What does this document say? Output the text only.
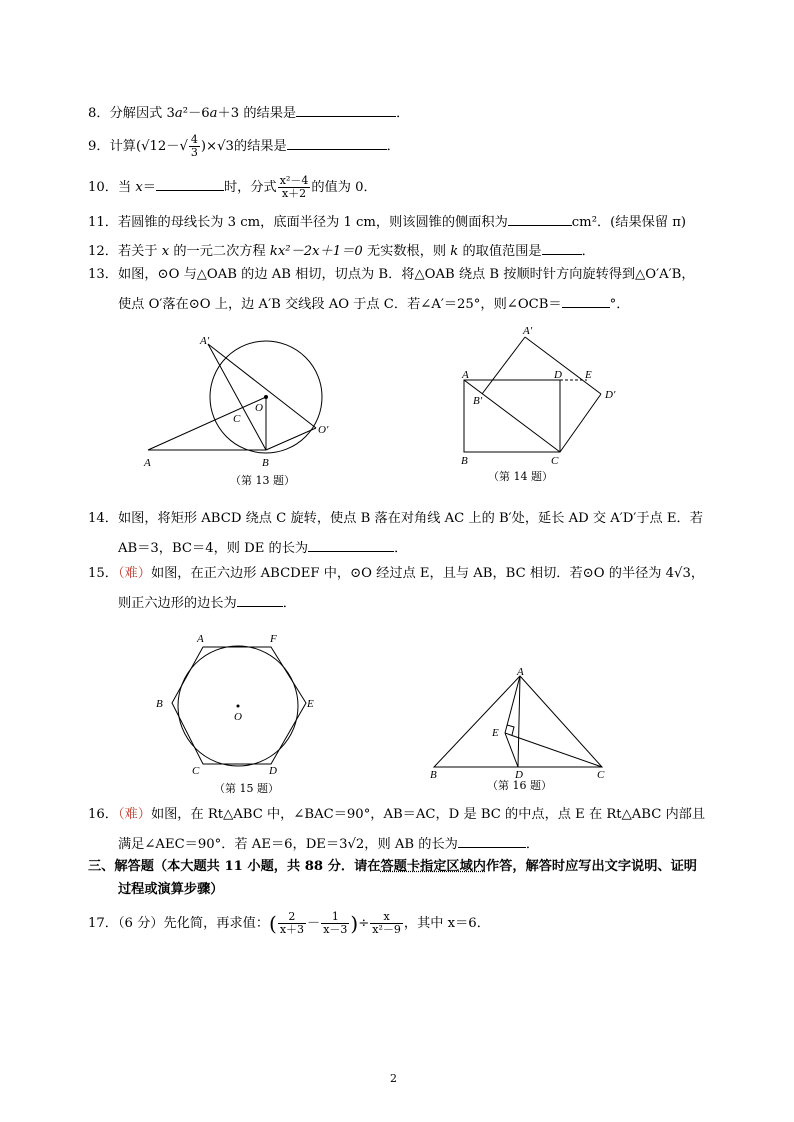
8．分解因式 3a²－6a＋3 的结果是	．
9．计算$(√12-√ \frac{4}{3} )\times√3$的结果是	．
10．当 x＝	时，分式 $\frac{\text{x²－4}}{x+2}$ 的值为 0．
11．若圆锥的母线长为 3 cm，底面半径为 1 cm，则该圆锥的侧面积为	cm²．(结果保留 π)
12．若关于 x 的一元二次方程 kx²－2x＋1＝0 无实数根，则 k 的取值范围是	．
13．如图，⊙O 与△OAB 的边 AB 相切，切点为 B．将△OAB 绕点 B 按顺时针方向旋转得到△O′A′B，
使点 O′落在⊙O 上，边 A′B 交线段 AO 于点 C．若∠A′＝25°，则∠OCB＝	°．
A	B
C
O
A′
O′
（第 13 题）
A
B	C
D E
A′
B′	D′
（第 14 题）
14．如图，将矩形 ABCD 绕点 C 旋转，使点 B 落在对角线 AC 上的 B′处，延长 AD 交 A′D′于点 E．若
AB＝3，BC＝4，则 DE 的长为	．
15．（难）如图，在正六边形 ABCDEF 中，⊙O 经过点 E，且与 AB，BC 相切．若⊙O 的半径为 4√3，
则正六边形的边长为	．
A	F
B	E
C	D
O
（第 15 题）
A
B	C
D
E
（第 16 题）
16．（难）如图，在 Rt△ABC 中，∠BAC＝90°，AB＝AC，D 是 BC 的中点，点 E 在 Rt△ABC 内部且
满足∠AEC＝90°．若 AE＝6，DE＝3√2，则 AB 的长为	．
三、解答题（本大题共 11 小题，共 88 分．请在答题卡指定区域内作答，解答时应写出文字说明、证明
过程或演算步骤）
17．（6 分）先化简，再求值：( $\frac{2}{x+3} - \frac{1}{x-3}$ )÷ $\frac{x}{\text{x²－9}}$ ，其中 x＝6．
2
